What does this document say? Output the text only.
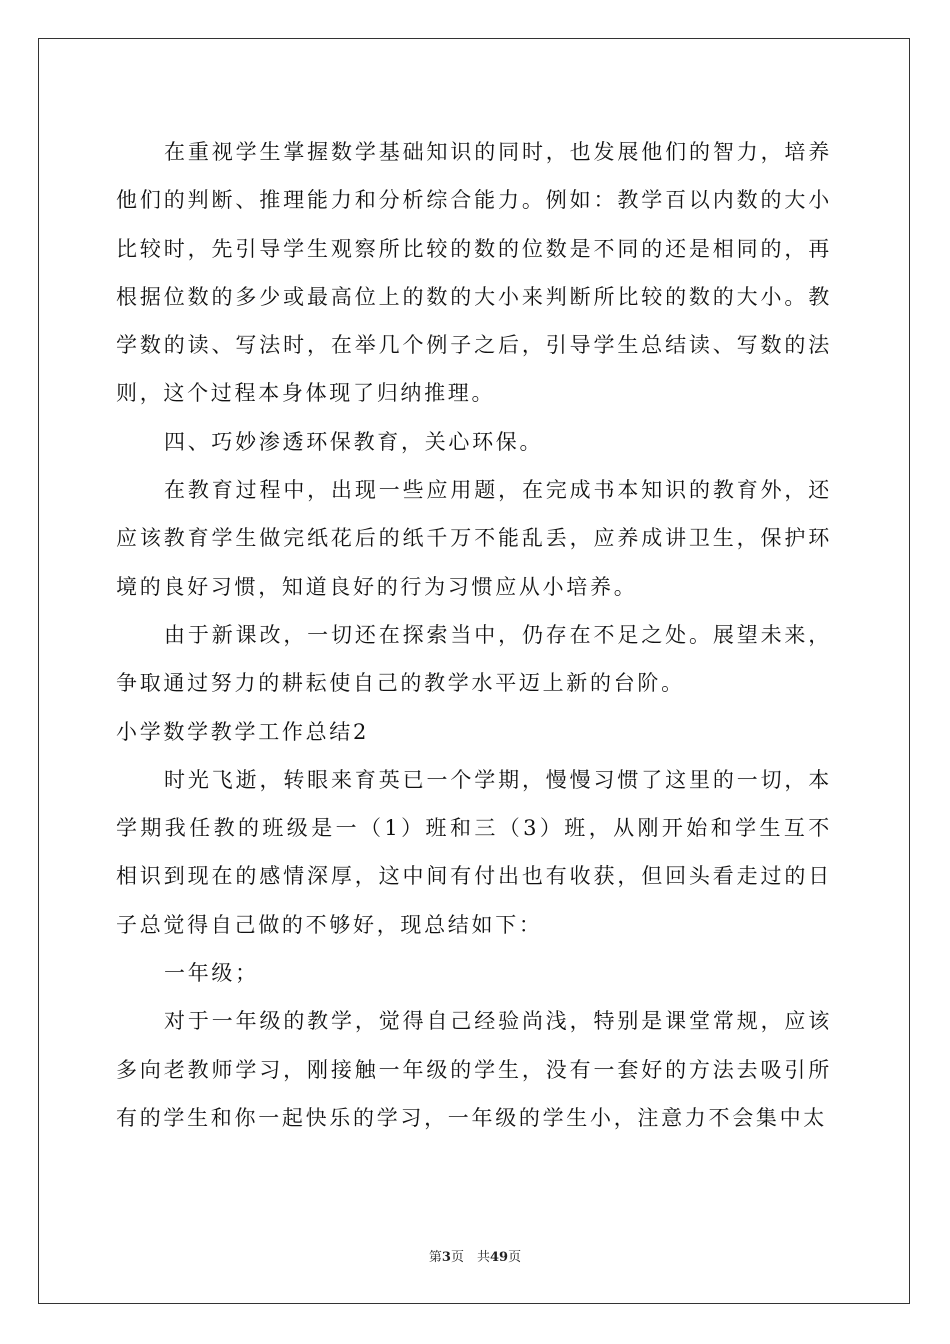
在重视学生掌握数学基础知识的同时，也发展他们的智力，培养他们的判断、推理能力和分析综合能力。例如：教学百以内数的大小比较时，先引导学生观察所比较的数的位数是不同的还是相同的，再根据位数的多少或最高位上的数的大小来判断所比较的数的大小。教学数的读、写法时，在举几个例子之后，引导学生总结读、写数的法则，这个过程本身体现了归纳推理。

四、巧妙渗透环保教育，关心环保。

在教育过程中，出现一些应用题，在完成书本知识的教育外，还应该教育学生做完纸花后的纸千万不能乱丢，应养成讲卫生，保护环境的良好习惯，知道良好的行为习惯应从小培养。

由于新课改，一切还在探索当中，仍存在不足之处。展望未来，争取通过努力的耕耘使自己的教学水平迈上新的台阶。

小学数学教学工作总结2

时光飞逝，转眼来育英已一个学期，慢慢习惯了这里的一切，本学期我任教的班级是一（1）班和三（3）班，从刚开始和学生互不相识到现在的感情深厚，这中间有付出也有收获，但回头看走过的日子总觉得自己做的不够好，现总结如下：

一年级；

对于一年级的教学，觉得自己经验尚浅，特别是课堂常规，应该多向老教师学习，刚接触一年级的学生，没有一套好的方法去吸引所有的学生和你一起快乐的学习，一年级的学生小，注意力不会集中太

第3页　共49页
